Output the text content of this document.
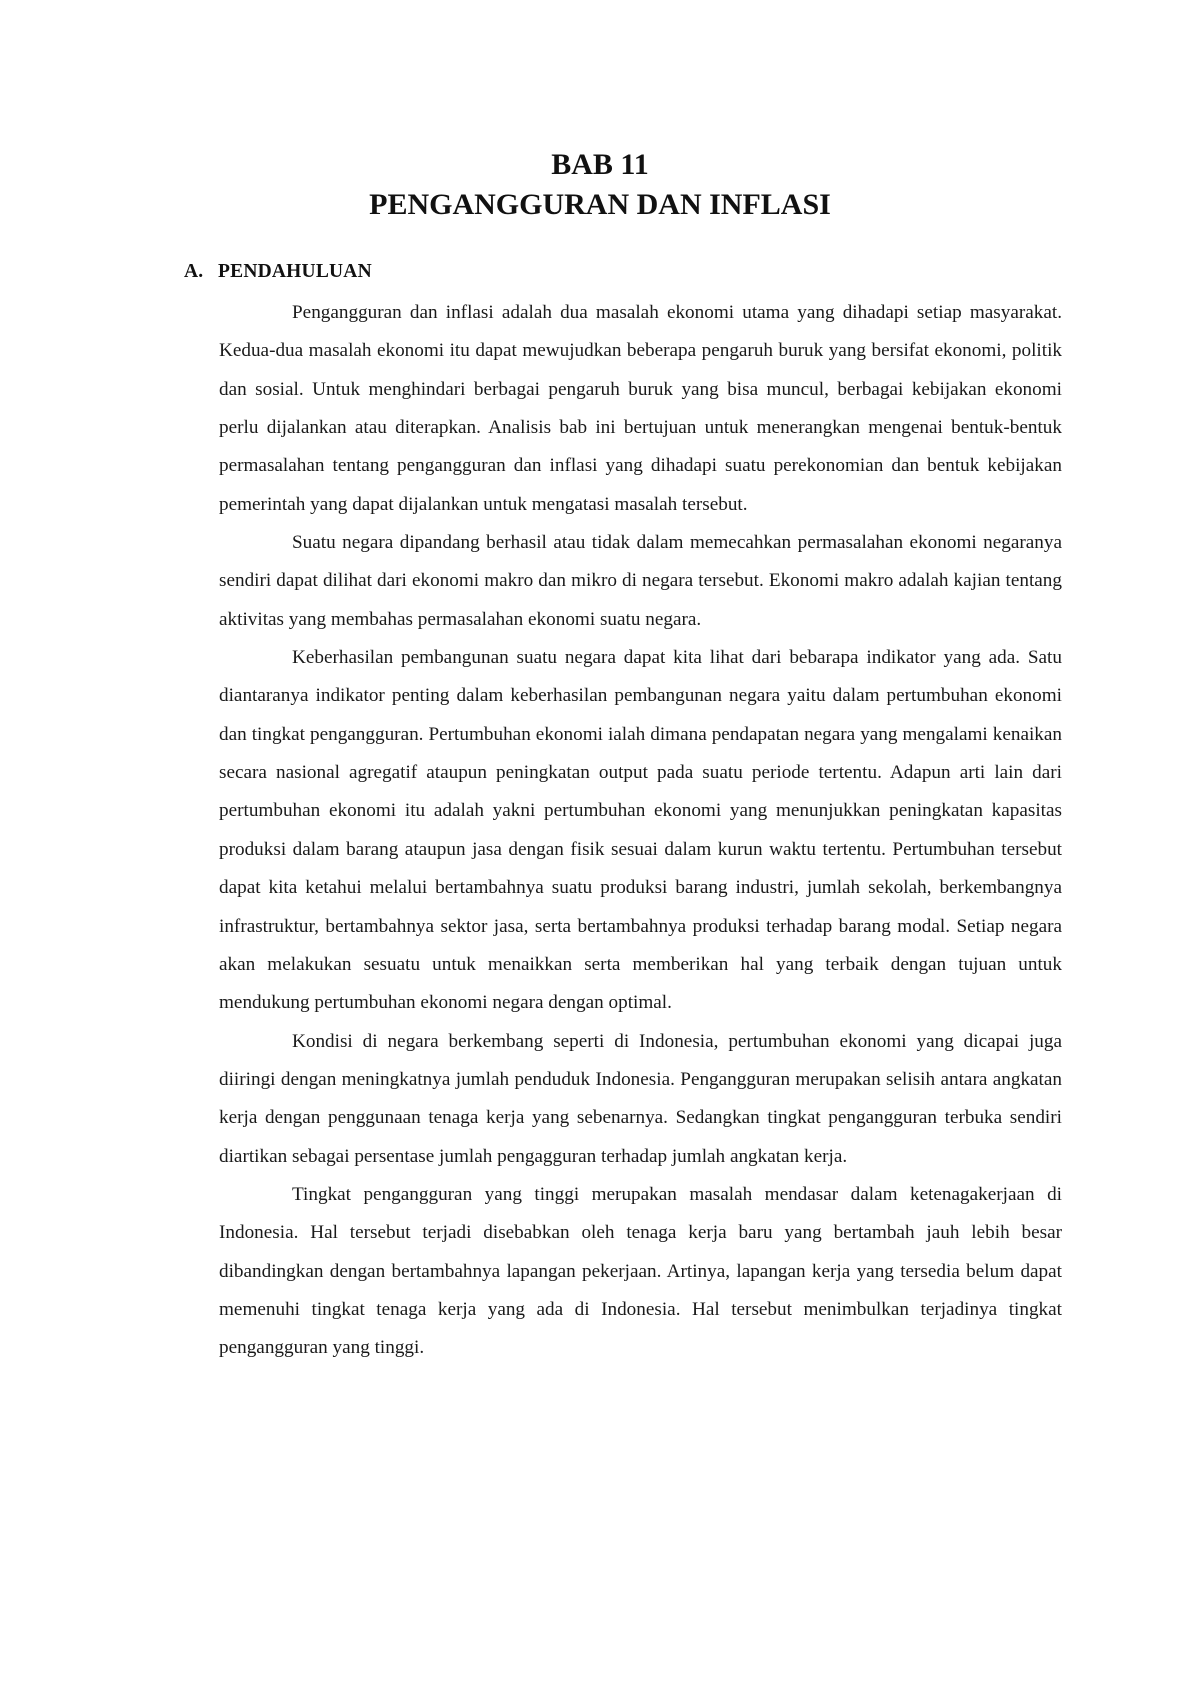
BAB 11
PENGANGGURAN DAN INFLASI
A. PENDAHULUAN

Pengangguran dan inflasi adalah dua masalah ekonomi utama yang dihadapi setiap masyarakat. Kedua-dua masalah ekonomi itu dapat mewujudkan beberapa pengaruh buruk yang bersifat ekonomi, politik dan sosial. Untuk menghindari berbagai pengaruh buruk yang bisa muncul, berbagai kebijakan ekonomi perlu dijalankan atau diterapkan. Analisis bab ini bertujuan untuk menerangkan mengenai bentuk-bentuk permasalahan tentang pengangguran dan inflasi yang dihadapi suatu perekonomian dan bentuk kebijakan pemerintah yang dapat dijalankan untuk mengatasi masalah tersebut.

Suatu negara dipandang berhasil atau tidak dalam memecahkan permasalahan ekonomi negaranya sendiri dapat dilihat dari ekonomi makro dan mikro di negara tersebut. Ekonomi makro adalah kajian tentang aktivitas yang membahas permasalahan ekonomi suatu negara.

Keberhasilan pembangunan suatu negara dapat kita lihat dari bebarapa indikator yang ada. Satu diantaranya indikator penting dalam keberhasilan pembangunan negara yaitu dalam pertumbuhan ekonomi dan tingkat pengangguran. Pertumbuhan ekonomi ialah dimana pendapatan negara yang mengalami kenaikan secara nasional agregatif ataupun peningkatan output pada suatu periode tertentu. Adapun arti lain dari pertumbuhan ekonomi itu adalah yakni pertumbuhan ekonomi yang menunjukkan peningkatan kapasitas produksi dalam barang ataupun jasa dengan fisik sesuai dalam kurun waktu tertentu. Pertumbuhan tersebut dapat kita ketahui melalui bertambahnya suatu produksi barang industri, jumlah sekolah, berkembangnya infrastruktur, bertambahnya sektor jasa, serta bertambahnya produksi terhadap barang modal. Setiap negara akan melakukan sesuatu untuk menaikkan serta memberikan hal yang terbaik dengan tujuan untuk mendukung pertumbuhan ekonomi negara dengan optimal.

Kondisi di negara berkembang seperti di Indonesia, pertumbuhan ekonomi yang dicapai juga diiringi dengan meningkatnya jumlah penduduk Indonesia. Pengangguran merupakan selisih antara angkatan kerja dengan penggunaan tenaga kerja yang sebenarnya. Sedangkan tingkat pengangguran terbuka sendiri diartikan sebagai persentase jumlah pengagguran terhadap jumlah angkatan kerja.

Tingkat pengangguran yang tinggi merupakan masalah mendasar dalam ketenagakerjaan di Indonesia. Hal tersebut terjadi disebabkan oleh tenaga kerja baru yang bertambah jauh lebih besar dibandingkan dengan bertambahnya lapangan pekerjaan. Artinya, lapangan kerja yang tersedia belum dapat memenuhi tingkat tenaga kerja yang ada di Indonesia. Hal tersebut menimbulkan terjadinya tingkat pengangguran yang tinggi.
